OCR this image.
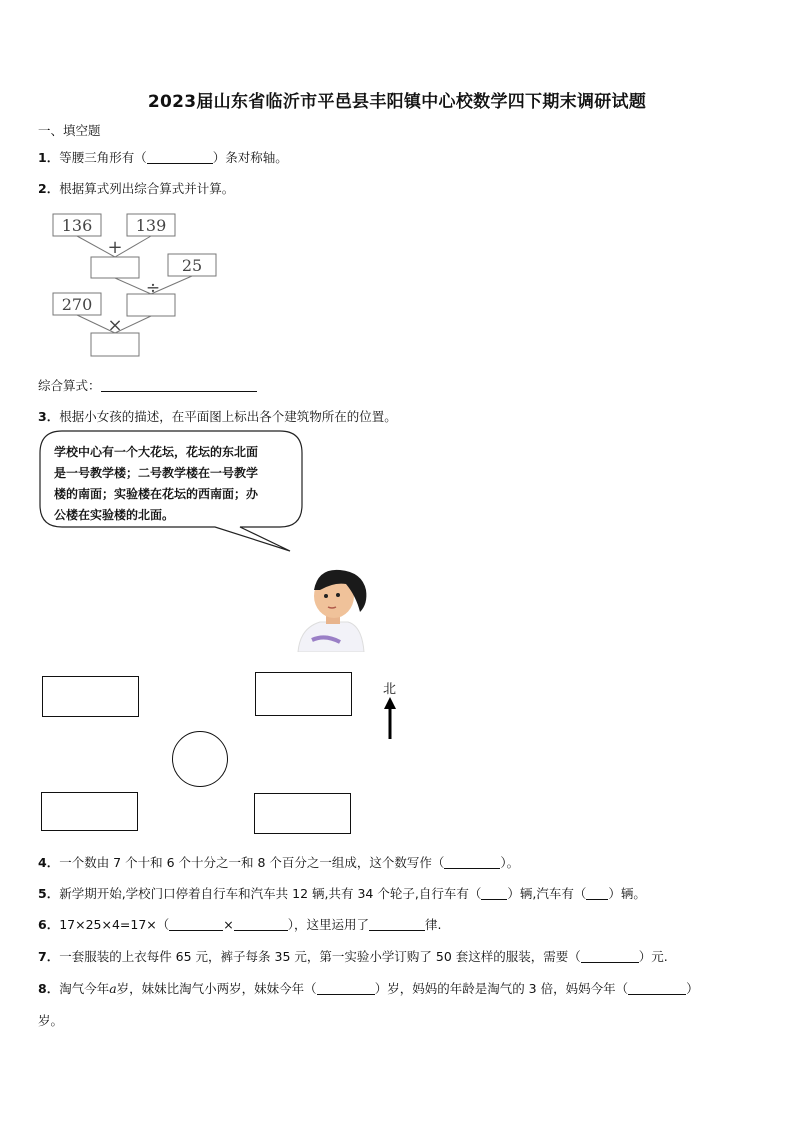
2023届山东省临沂市平邑县丰阳镇中心校数学四下期末调研试题
一、填空题
1．等腰三角形有（	）条对称轴。
2．根据算式列出综合算式并计算。
136	139
25
270
+
÷
×
综合算式：
3．根据小女孩的描述，在平面图上标出各个建筑物所在的位置。
学校中心有一个大花坛，花坛的东北面
是一号教学楼；二号教学楼在一号教学
楼的南面；实验楼在花坛的西南面；办
公楼在实验楼的北面。
北
4．一个数由 7 个十和 6 个十分之一和 8 个百分之一组成，这个数写作（	）。
5．新学期开始,学校门口停着自行车和汽车共 12 辆,共有 34 个轮子,自行车有（ ）辆,汽车有（ ）辆。
6．17×25×4=17×（	×	），这里运用了	律.
7．一套服装的上衣每件 65 元，裤子每条 35 元，第一实验小学订购了 50 套这样的服装，需要（	）元.
8．淘气今年a岁，妹妹比淘气小两岁，妹妹今年（	）岁，妈妈的年龄是淘气的 3 倍，妈妈今年（	）
岁。
